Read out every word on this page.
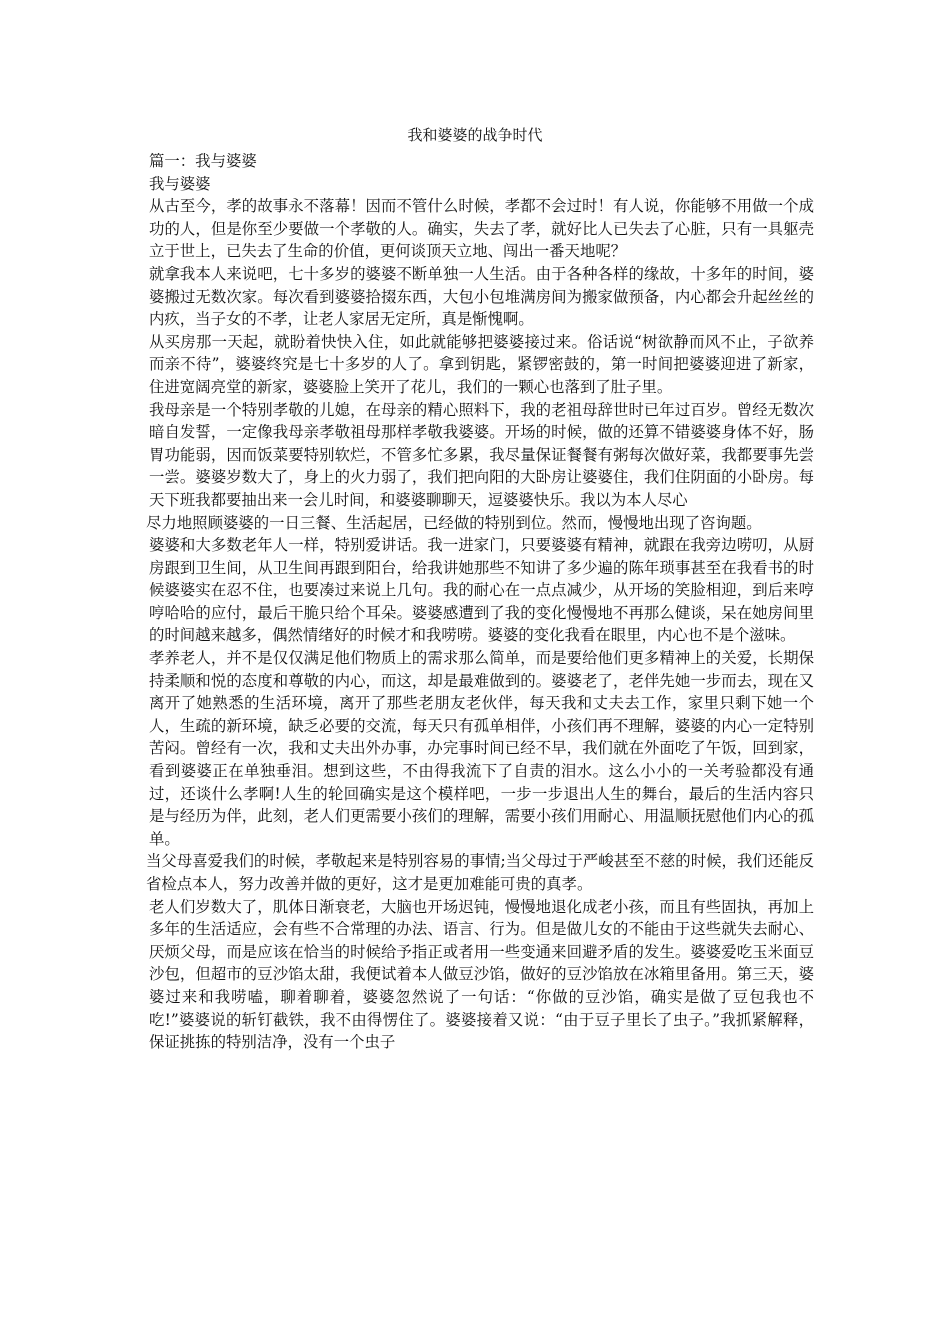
我和婆婆的战争时代

篇一：我与婆婆

我与婆婆

从古至今，孝的故事永不落幕！因而不管什么时候，孝都不会过时！有人说，你能够不用做一个成功的人，但是你至少要做一个孝敬的人。确实，失去了孝，就好比人已失去了心脏，只有一具躯壳立于世上，已失去了生命的价值，更何谈顶天立地、闯出一番天地呢？

就拿我本人来说吧，七十多岁的婆婆不断单独一人生活。由于各种各样的缘故，十多年的时间，婆婆搬过无数次家。每次看到婆婆拾掇东西，大包小包堆满房间为搬家做预备，内心都会升起丝丝的内疚，当子女的不孝，让老人家居无定所，真是惭愧啊。

从买房那一天起，就盼着快快入住，如此就能够把婆婆接过来。俗话说“树欲静而风不止，子欲养而亲不待”，婆婆终究是七十多岁的人了。拿到钥匙，紧锣密鼓的，第一时间把婆婆迎进了新家，住进宽阔亮堂的新家，婆婆脸上笑开了花儿，我们的一颗心也落到了肚子里。

我母亲是一个特别孝敬的儿媳，在母亲的精心照料下，我的老祖母辞世时已年过百岁。曾经无数次暗自发誓，一定像我母亲孝敬祖母那样孝敬我婆婆。开场的时候，做的还算不错婆婆身体不好，肠胃功能弱，因而饭菜要特别软烂，不管多忙多累，我尽量保证餐餐有粥每次做好菜，我都要事先尝一尝。婆婆岁数大了，身上的火力弱了，我们把向阳的大卧房让婆婆住，我们住阴面的小卧房。每天下班我都要抽出来一会儿时间，和婆婆聊聊天，逗婆婆快乐。我以为本人尽心

尽力地照顾婆婆的一日三餐、生活起居，已经做的特别到位。然而，慢慢地出现了咨询题。

婆婆和大多数老年人一样，特别爱讲话。我一进家门，只要婆婆有精神，就跟在我旁边唠叨，从厨房跟到卫生间，从卫生间再跟到阳台，给我讲她那些不知讲了多少遍的陈年琐事甚至在我看书的时候婆婆实在忍不住，也要凑过来说上几句。我的耐心在一点点减少，从开场的笑脸相迎，到后来哼哼哈哈的应付，最后干脆只给个耳朵。婆婆感遭到了我的变化慢慢地不再那么健谈，呆在她房间里的时间越来越多，偶然情绪好的时候才和我唠唠。婆婆的变化我看在眼里，内心也不是个滋味。

孝养老人，并不是仅仅满足他们物质上的需求那么简单，而是要给他们更多精神上的关爱，长期保持柔顺和悦的态度和尊敬的内心，而这，却是最难做到的。婆婆老了，老伴先她一步而去，现在又离开了她熟悉的生活环境，离开了那些老朋友老伙伴，每天我和丈夫去工作，家里只剩下她一个人，生疏的新环境，缺乏必要的交流，每天只有孤单相伴，小孩们再不理解，婆婆的内心一定特别苦闷。曾经有一次，我和丈夫出外办事，办完事时间已经不早，我们就在外面吃了午饭，回到家，看到婆婆正在单独垂泪。想到这些，不由得我流下了自责的泪水。这么小小的一关考验都没有通过，还谈什么孝啊!人生的轮回确实是这个模样吧，一步一步退出人生的舞台，最后的生活内容只是与经历为伴，此刻，老人们更需要小孩们的理解，需要小孩们用耐心、用温顺抚慰他们内心的孤单。

当父母喜爱我们的时候，孝敬起来是特别容易的事情;当父母过于严峻甚至不慈的时候，我们还能反省检点本人，努力改善并做的更好，这才是更加难能可贵的真孝。

老人们岁数大了，肌体日渐衰老，大脑也开场迟钝，慢慢地退化成老小孩，而且有些固执，再加上多年的生活适应，会有些不合常理的办法、语言、行为。但是做儿女的不能由于这些就失去耐心、厌烦父母，而是应该在恰当的时候给予指正或者用一些变通来回避矛盾的发生。婆婆爱吃玉米面豆沙包，但超市的豆沙馅太甜，我便试着本人做豆沙馅，做好的豆沙馅放在冰箱里备用。第三天，婆婆过来和我唠嗑，聊着聊着，婆婆忽然说了一句话：“你做的豆沙馅，确实是做了豆包我也不吃!”婆婆说的斩钉截铁，我不由得愣住了。婆婆接着又说：“由于豆子里长了虫子。”我抓紧解释，保证挑拣的特别洁净，没有一个虫子
